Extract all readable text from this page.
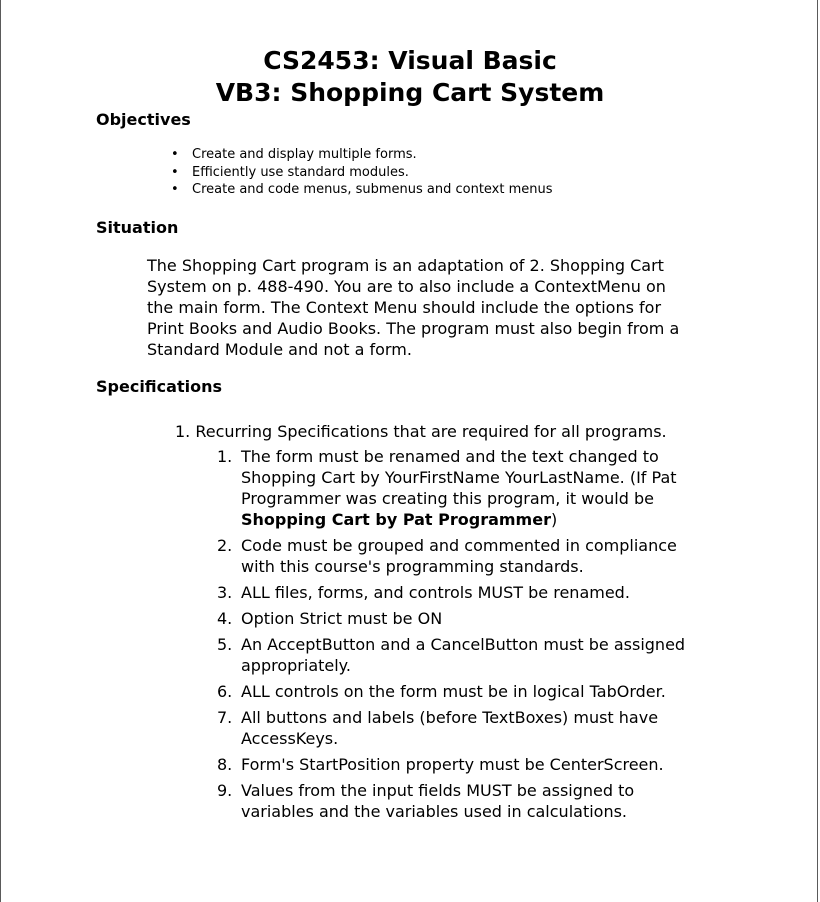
CS2453: Visual Basic
VB3: Shopping Cart System
Objectives
• Create and display multiple forms.
• Efficiently use standard modules.
• Create and code menus, submenus and context menus
Situation

The Shopping Cart program is an adaptation of 2. Shopping Cart System on p. 488-490. You are to also include a ContextMenu on the main form. The Context Menu should include the options for Print Books and Audio Books. The program must also begin from a Standard Module and not a form.

Specifications
1. Recurring Specifications that are required for all programs.
1. The form must be renamed and the text changed to Shopping Cart by YourFirstName YourLastName. (If Pat Programmer was creating this program, it would be Shopping Cart by Pat Programmer)
2. Code must be grouped and commented in compliance with this course's programming standards.
3. ALL files, forms, and controls MUST be renamed.
4. Option Strict must be ON
5. An AcceptButton and a CancelButton must be assigned appropriately.
6. ALL controls on the form must be in logical TabOrder.
7. All buttons and labels (before TextBoxes) must have AccessKeys.
8. Form's StartPosition property must be CenterScreen.
9. Values from the input fields MUST be assigned to variables and the variables used in calculations.
